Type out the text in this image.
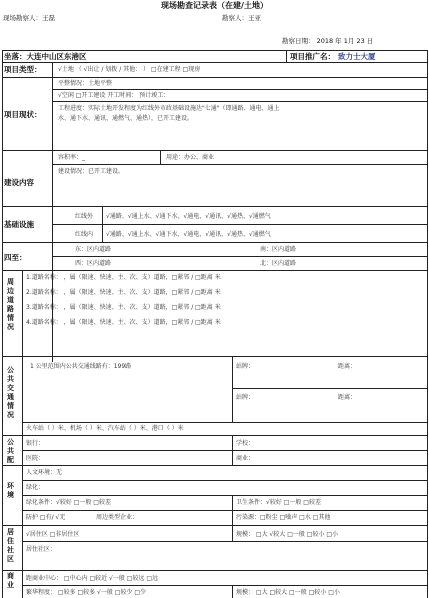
现场勘查记录表（在建/土地）
现场勘察人：王磊	勘察人：王亚
勘察日期： 2018 年 1月 23 日
坐落：大连中山区东港区	项目推广名： 致力士大厦
项目类型：	√土地 （ √出让 / 划拨 / 其他： ） □在建工程 □现房
项目现状：
平整情况：土地平整
√空闲 □开工建设 开工时间： 预计竣工：
工程进度：实际土地开发程度为红线外市政基础设施达"七通"（即通路、通电、通上
水、通下水、通讯、通燃气、通热），已开工建设。
建设内容
容积率：_	用途：办公、商业
建设情况：已开工建设。
基础设施
红线外 √通路、√通上水、√通下水、√通电、√通讯、√通热、√通燃气
红线内 √通路、√通上水、√通下水、√通电、√通讯、√通热、√通燃气
四至：
东：区内道路	南：区内道路
西：区内道路	北：区内道路
周边道路情况
1.道路名称： ，属（限速、快速、主、次、支）道路，□紧邻 / □距离 米
2.道路名称： ，属（限速、快速、主、次、支）道路，□紧邻 / □距离 米
3.道路名称： ，属（限速、快速、主、次、支）道路，□紧邻 / □距离 米
4.道路名称： ，属（限速、快速、主、次、支）道路，□紧邻 / □距离 米
公共交通情况
1 公里范围内公共交通线路有：199路	站牌：	距离：
站牌：	距离：
火车站（ ）米、机场（ ）米、汽车站（ ）米、港口（ ）米
公共配
银行：	学校：
医院：	商业：
环境
人文环境：无
绿化：
绿化条件：√较好 □一般 □较差	卫生条件：√较好 □一般 □较差
防护 □有/ √无	周边类型企业：	污染源：□粉尘 □噪声 □水 □其他
居住社区
√居住区 □非居住区	规模： □大 √较大 □一般 □较小 □小
居住社区：
商业
距商业中心： □中心内 □较近 √一般 □较远 □远
繁华程度： □较多 □较多 √一般 □较少 □少	规模： □大 □较大 □一般 □较小 □小
